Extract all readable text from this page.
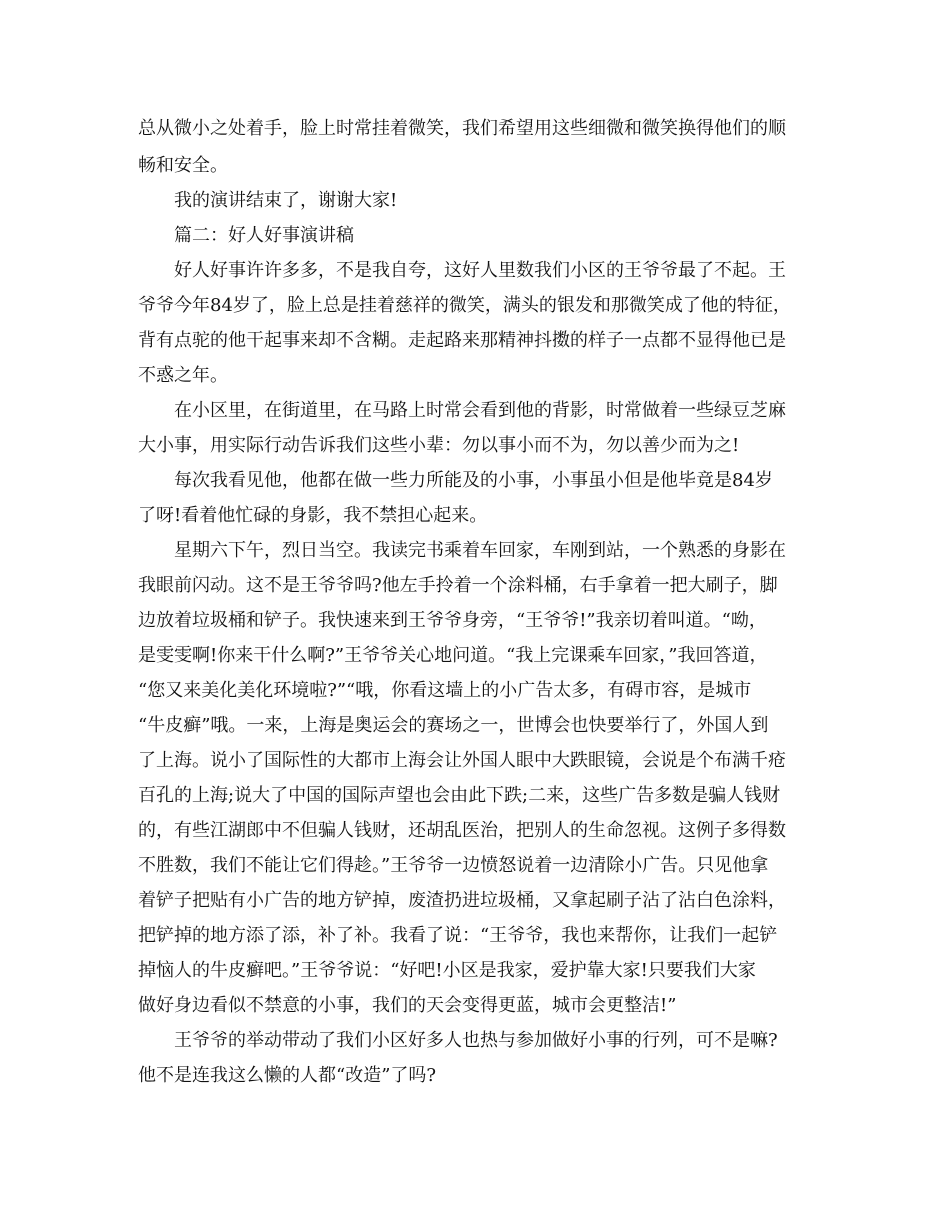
总从微小之处着手，脸上时常挂着微笑，我们希望用这些细微和微笑换得他们的顺
畅和安全。
我的演讲结束了，谢谢大家!
篇二：好人好事演讲稿
好人好事许许多多，不是我自夸，这好人里数我们小区的王爷爷最了不起。王
爷爷今年84岁了，脸上总是挂着慈祥的微笑，满头的银发和那微笑成了他的特征，
背有点驼的他干起事来却不含糊。走起路来那精神抖擞的样子一点都不显得他已是
不惑之年。
在小区里，在街道里，在马路上时常会看到他的背影，时常做着一些绿豆芝麻
大小事，用实际行动告诉我们这些小辈：勿以事小而不为，勿以善少而为之!
每次我看见他，他都在做一些力所能及的小事，小事虽小但是他毕竟是84岁
了呀!看着他忙碌的身影，我不禁担心起来。
星期六下午，烈日当空。我读完书乘着车回家，车刚到站，一个熟悉的身影在
我眼前闪动。这不是王爷爷吗?他左手拎着一个涂料桶，右手拿着一把大刷子，脚
边放着垃圾桶和铲子。我快速来到王爷爷身旁，“王爷爷!”我亲切着叫道。“呦，
是雯雯啊!你来干什么啊?”王爷爷关心地问道。“我上完课乘车回家，”我回答道，
“您又来美化美化环境啦?”“哦，你看这墙上的小广告太多，有碍市容，是城市
“牛皮癣”哦。一来，上海是奥运会的赛场之一，世博会也快要举行了，外国人到
了上海。说小了国际性的大都市上海会让外国人眼中大跌眼镜，会说是个布满千疮
百孔的上海;说大了中国的国际声望也会由此下跌;二来，这些广告多数是骗人钱财
的，有些江湖郎中不但骗人钱财，还胡乱医治，把别人的生命忽视。这例子多得数
不胜数，我们不能让它们得趁。”王爷爷一边愤怒说着一边清除小广告。只见他拿
着铲子把贴有小广告的地方铲掉，废渣扔进垃圾桶，又拿起刷子沾了沾白色涂料，
把铲掉的地方添了添，补了补。我看了说：“王爷爷，我也来帮你，让我们一起铲
掉恼人的牛皮癣吧。”王爷爷说：“好吧!小区是我家，爱护靠大家!只要我们大家
做好身边看似不禁意的小事，我们的天会变得更蓝，城市会更整洁!”
王爷爷的举动带动了我们小区好多人也热与参加做好小事的行列，可不是嘛?
他不是连我这么懒的人都“改造”了吗?
